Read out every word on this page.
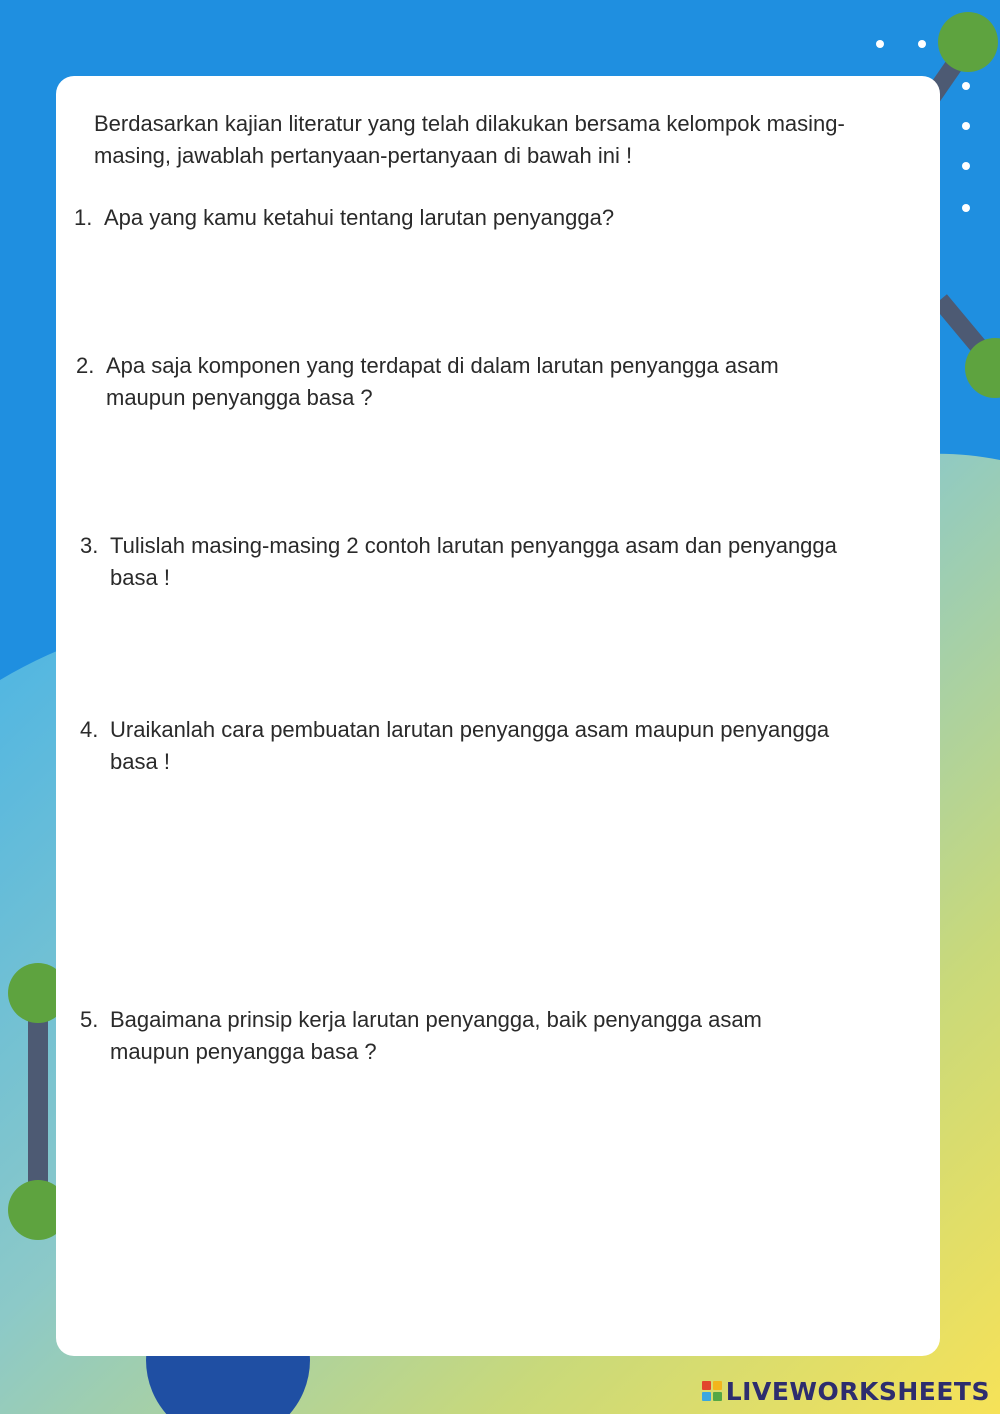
Berdasarkan kajian literatur yang telah dilakukan bersama kelompok masing-masing, jawablah pertanyaan-pertanyaan di bawah ini !

1. Apa yang kamu ketahui tentang larutan penyangga?
2. Apa saja komponen yang terdapat di dalam larutan penyangga asam maupun penyangga basa ?
3. Tulislah masing-masing 2 contoh larutan penyangga asam dan penyangga basa !
4. Uraikanlah cara pembuatan larutan penyangga asam maupun penyangga basa !
5. Bagaimana prinsip kerja larutan penyangga, baik penyangga asam maupun penyangga basa ?
LIVEWORKSHEETS
